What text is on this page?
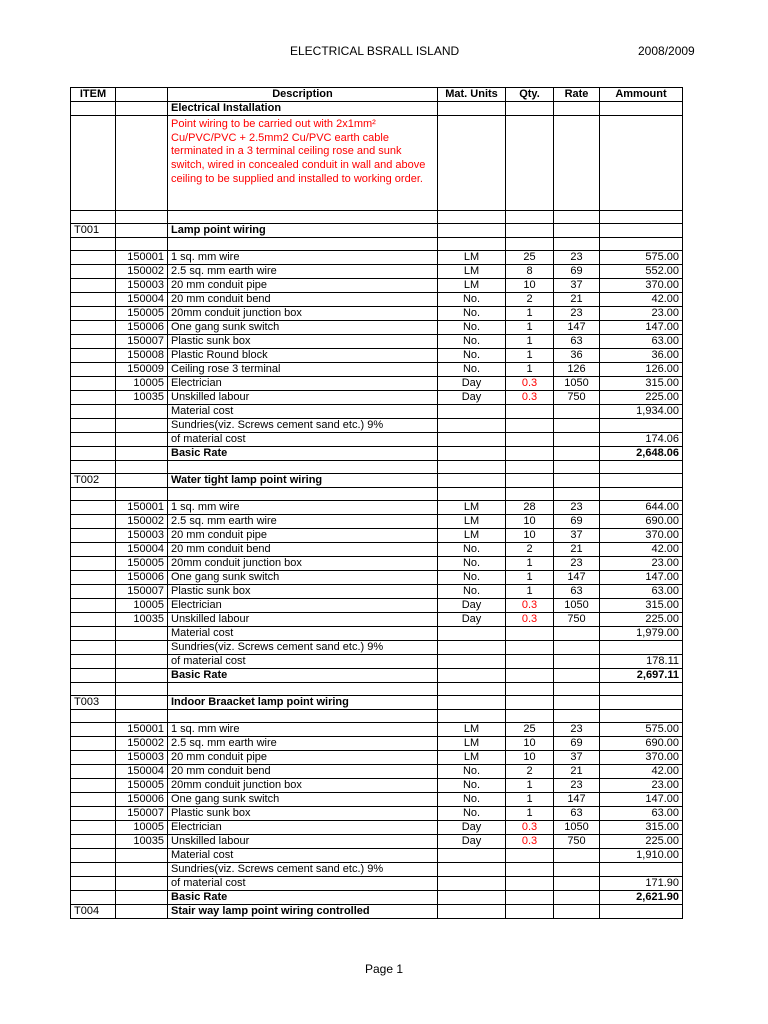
ELECTRICAL BSRALL ISLAND	2008/2009
ITEM		Description	Mat. Units	Qty.	Rate	Ammount
		Electrical Installation				
		Point wiring to be carried out with 2x1mm² Cu/PVC/PVC + 2.5mm2 Cu/PVC earth cable terminated in a 3 terminal ceiling rose and sunk switch, wired in concealed conduit in wall and above ceiling to be supplied and installed to working order.				

T001		Lamp point wiring				

	150001	1 sq. mm wire	LM	25	23	575.00
	150002	2.5 sq. mm earth wire	LM	8	69	552.00
	150003	20 mm conduit pipe	LM	10	37	370.00
	150004	20 mm conduit bend	No.	2	21	42.00
	150005	20mm conduit junction box	No.	1	23	23.00
	150006	One gang sunk switch	No.	1	147	147.00
	150007	Plastic sunk box	No.	1	63	63.00
	150008	Plastic Round block	No.	1	36	36.00
	150009	Ceiling rose 3 terminal	No.	1	126	126.00
	10005	Electrician	Day	0.3	1050	315.00
	10035	Unskilled labour	Day	0.3	750	225.00
		Material cost				1,934.00
		Sundries(viz. Screws cement sand etc.) 9%				
		of material cost				174.06
		Basic Rate				2,648.06

T002		Water tight lamp point wiring				

	150001	1 sq. mm wire	LM	28	23	644.00
	150002	2.5 sq. mm earth wire	LM	10	69	690.00
	150003	20 mm conduit pipe	LM	10	37	370.00
	150004	20 mm conduit bend	No.	2	21	42.00
	150005	20mm conduit junction box	No.	1	23	23.00
	150006	One gang sunk switch	No.	1	147	147.00
	150007	Plastic sunk box	No.	1	63	63.00
	10005	Electrician	Day	0.3	1050	315.00
	10035	Unskilled labour	Day	0.3	750	225.00
		Material cost				1,979.00
		Sundries(viz. Screws cement sand etc.) 9%				
		of material cost				178.11
		Basic Rate				2,697.11

T003		Indoor Braacket lamp point wiring				

	150001	1 sq. mm wire	LM	25	23	575.00
	150002	2.5 sq. mm earth wire	LM	10	69	690.00
	150003	20 mm conduit pipe	LM	10	37	370.00
	150004	20 mm conduit bend	No.	2	21	42.00
	150005	20mm conduit junction box	No.	1	23	23.00
	150006	One gang sunk switch	No.	1	147	147.00
	150007	Plastic sunk box	No.	1	63	63.00
	10005	Electrician	Day	0.3	1050	315.00
	10035	Unskilled labour	Day	0.3	750	225.00
		Material cost				1,910.00
		Sundries(viz. Screws cement sand etc.) 9%				
		of material cost				171.90
		Basic Rate				2,621.90
T004		Stair way lamp point wiring controlled				
Page 1
